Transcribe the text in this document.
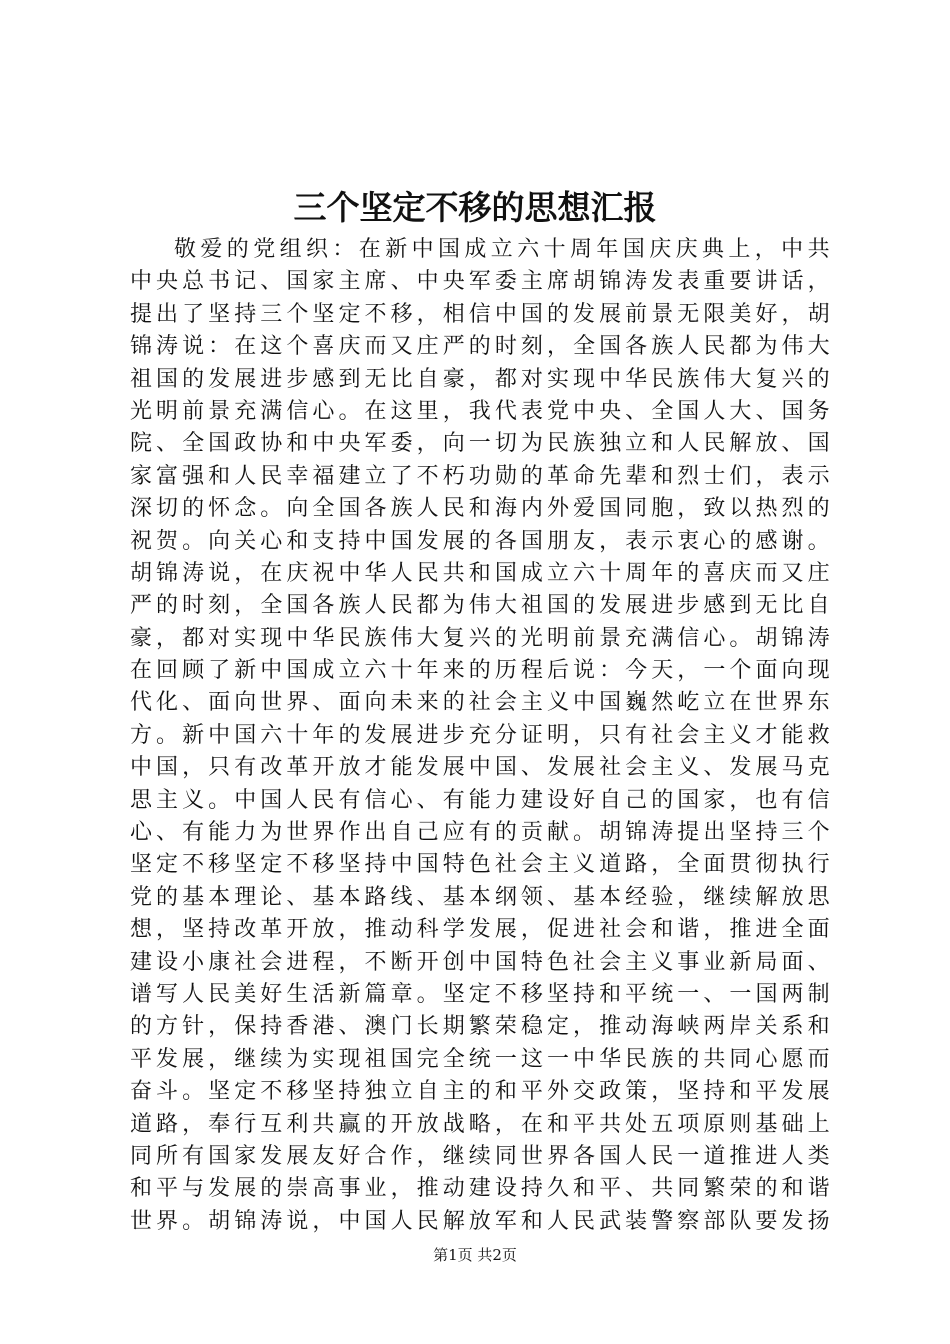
三个坚定不移的思想汇报
敬爱的党组织：在新中国成立六十周年国庆庆典上，中共
中央总书记、国家主席、中央军委主席胡锦涛发表重要讲话，
提出了坚持三个坚定不移，相信中国的发展前景无限美好，胡
锦涛说：在这个喜庆而又庄严的时刻，全国各族人民都为伟大
祖国的发展进步感到无比自豪，都对实现中华民族伟大复兴的
光明前景充满信心。在这里，我代表党中央、全国人大、国务
院、全国政协和中央军委，向一切为民族独立和人民解放、国
家富强和人民幸福建立了不朽功勋的革命先辈和烈士们，表示
深切的怀念。向全国各族人民和海内外爱国同胞，致以热烈的
祝贺。向关心和支持中国发展的各国朋友，表示衷心的感谢。
胡锦涛说，在庆祝中华人民共和国成立六十周年的喜庆而又庄
严的时刻，全国各族人民都为伟大祖国的发展进步感到无比自
豪，都对实现中华民族伟大复兴的光明前景充满信心。胡锦涛
在回顾了新中国成立六十年来的历程后说：今天，一个面向现
代化、面向世界、面向未来的社会主义中国巍然屹立在世界东
方。新中国六十年的发展进步充分证明，只有社会主义才能救
中国，只有改革开放才能发展中国、发展社会主义、发展马克
思主义。中国人民有信心、有能力建设好自己的国家，也有信
心、有能力为世界作出自己应有的贡献。胡锦涛提出坚持三个
坚定不移坚定不移坚持中国特色社会主义道路，全面贯彻执行
党的基本理论、基本路线、基本纲领、基本经验，继续解放思
想，坚持改革开放，推动科学发展，促进社会和谐，推进全面
建设小康社会进程，不断开创中国特色社会主义事业新局面、
谱写人民美好生活新篇章。坚定不移坚持和平统一、一国两制
的方针，保持香港、澳门长期繁荣稳定，推动海峡两岸关系和
平发展，继续为实现祖国完全统一这一中华民族的共同心愿而
奋斗。坚定不移坚持独立自主的和平外交政策，坚持和平发展
道路，奉行互利共赢的开放战略，在和平共处五项原则基础上
同所有国家发展友好合作，继续同世界各国人民一道推进人类
和平与发展的崇高事业，推动建设持久和平、共同繁荣的和谐
世界。胡锦涛说，中国人民解放军和人民武装警察部队要发扬
第1页 共2页
